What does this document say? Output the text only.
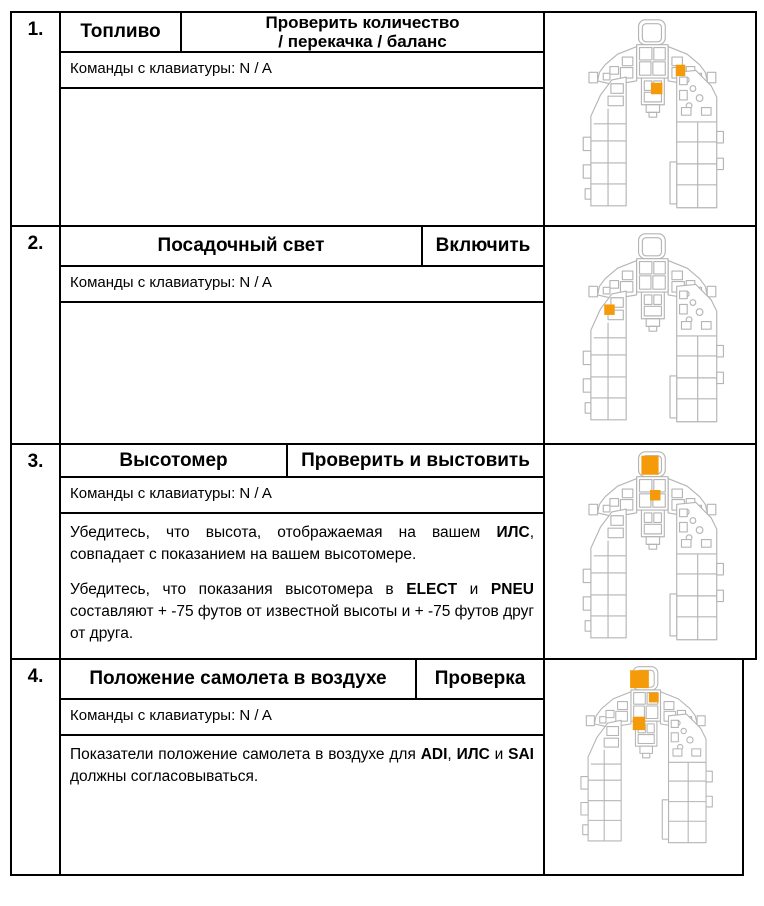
1.	Топливо	Проверить количество
/ перекачка / баланс
Команды с клавиатуры: N / A
2.	Посадочный свет	Включить
Команды с клавиатуры: N / A
3.	Высотомер	Проверить и выстовить
Команды с клавиатуры: N / A

Убедитесь, что высота, отображаемая на вашем ИЛС, совпадает с показанием на вашем высотомере.

Убедитесь, что показания высотомера в ELECT и PNEU составляют + -75 футов от известной высоты и + -75 футов друг от друга.

4.	Положение самолета в воздухе	Проверка
Команды с клавиатуры: N / A

Показатели положение самолета в воздухе для ADI, ИЛС и SAI должны согласовываться.
